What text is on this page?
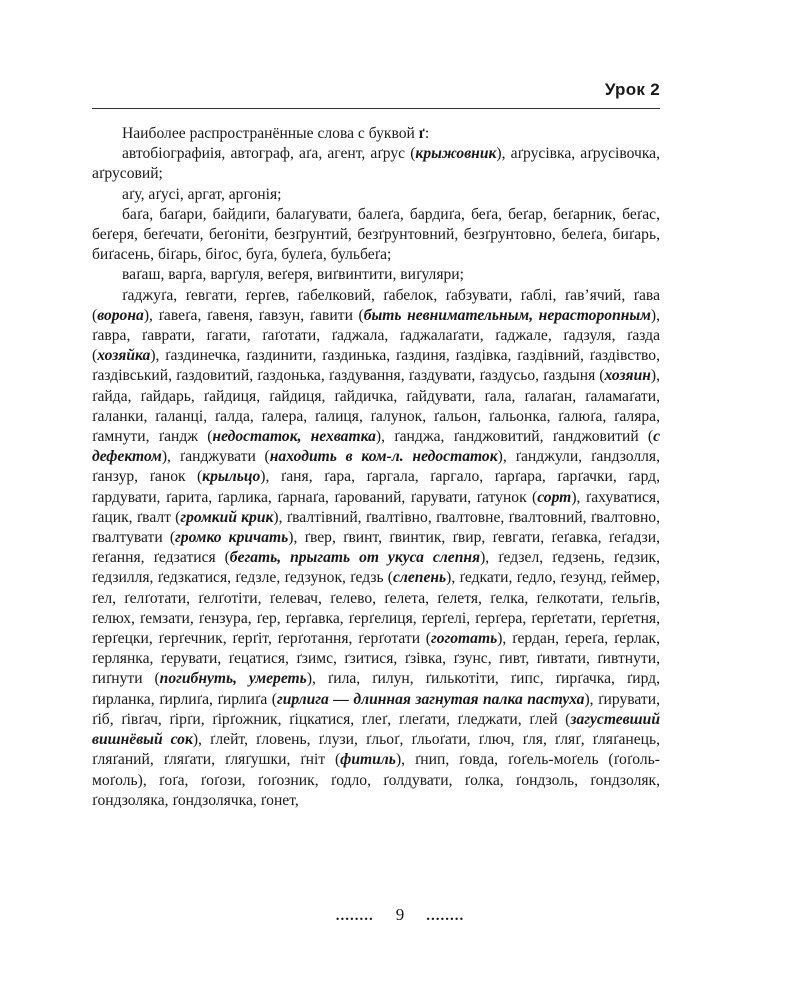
Урок 2

Наиболее распространённые слова с буквой ґ:

автобіографиія, автограф, аґа, агент, аґрус (крыжовник), аґрусівка, аґрусівочка, аґрусовий;

аґу, аґусі, аргат, аргонія;

баґа, баґари, байдиґи, балаґувати, балеґа, бардиґа, беґа, беґар, беґарник, беґас, беґеря, беґечати, беґоніти, безґрунтий, безґрунтовний, безґрунтовно, белеґа, биґарь, биґасень, біґарь, біґос, буґа, булеґа, бульбеґа;

ваґаш, варґа, варґуля, веґеря, виґвинтити, виґуляри;

ґаджуґа, ґевгати, ґерґев, ґабелковий, ґабелок, ґабзувати, ґаблі, ґав’ячий, ґава (ворона), ґавеґа, ґавеня, ґавзун, ґавити (быть невнимательным, нерасторопным), ґавра, ґаврати, ґагати, ґаґотати, ґаджала, ґаджалаґати, ґаджале, ґадзуля, ґазда (хозяйка), ґаздинечка, ґаздинити, ґаздинька, ґаздиня, ґаздівка, ґаздівний, ґаздівство, ґаздівський, ґаздовитий, ґаздонька, ґаздування, ґаздувати, ґаздусьо, ґаздыня (хозяин), ґайда, ґайдарь, ґайдиця, ґайдиця, ґайдичка, ґайдувати, ґала, ґалаґан, ґаламаґати, ґаланки, ґаланці, ґалда, ґалера, ґалиця, ґалунок, ґальон, ґальонка, ґалюґа, ґаляра, ґамнути, ґандж (недостаток, нехватка), ґанджа, ґанджовитий, ґанджовитий (с дефектом), ґанджувати (находить в ком-л. недостаток), ґанджули, ґандзолля, ґанзур, ґанок (крыльцо), ґаня, ґара, ґаргала, ґаргало, ґарґара, ґарґачки, ґард, ґардувати, ґарита, ґарлика, ґарнаґа, ґарований, ґарувати, ґатунок (сорт), ґахуватися, ґацик, ґвалт (громкий крик), ґвалтівний, ґвалтівно, ґвалтовне, ґвалтовний, ґвалтовно, ґвалтувати (громко кричать), ґвер, ґвинт, ґвинтик, ґвир, ґевгати, ґеґавка, ґеґадзи, ґеґання, ґедзатися (бегать, прыгать от укуса слепня), ґедзел, ґедзень, ґедзик, ґедзилля, ґедзкатися, ґедзле, ґедзунок, ґедзь (слепень), ґедкати, ґедло, ґезунд, ґеймер, ґел, ґелґотати, ґелґотіти, ґелевач, ґелево, ґелета, ґелетя, ґелка, ґелкотати, ґельґів, ґелюх, ґемзати, ґензура, ґер, ґерґавка, ґерґелиця, ґерґелі, ґерґера, ґерґетати, ґерґетня, ґерґецки, ґерґечник, ґерґіт, ґерґотання, ґерґотати (гоготать), ґердан, ґереґа, ґерлак, ґерлянка, ґерувати, ґецатися, ґзимс, ґзитися, ґзівка, ґзунс, ґивт, ґивтати, ґивтнути, ґиґнути (погибнуть, умереть), ґила, ґилун, ґилькотіти, ґипс, ґирґачка, ґирд, ґирланка, ґирлиґа, ґирлиґа (гирлига — длинная загнутая палка пастуха), ґирувати, ґіб, ґівґач, ґірґи, ґірґожник, ґіцкатися, ґлеґ, ґлеґати, ґледжати, ґлей (загустевший вишнёвый сок), ґлейт, ґловень, ґлузи, ґльоґ, ґльоґати, ґлюч, ґля, ґляґ, ґляґанець, ґляґаний, ґляґати, ґляґушки, ґніт (фитиль), ґнип, ґовда, ґоґель-моґель (ґоґоль-моґоль), ґоґа, ґоґози, ґоґозник, ґодло, ґолдувати, ґолка, ґондзоль, ґондзоляк, ґондзоляка, ґондзолячка, ґонет,

........ 9 ........
